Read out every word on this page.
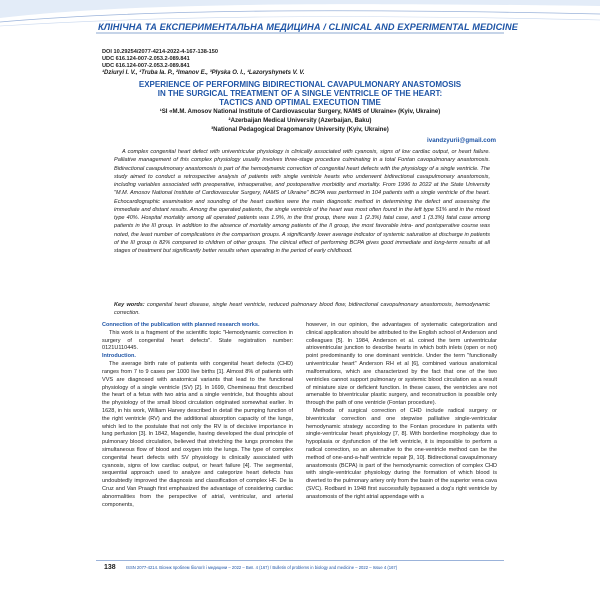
КЛІНІЧНА ТА ЕКСПЕРИМЕНТАЛЬНА МЕДИЦИНА / CLINICAL AND EXPERIMENTAL MEDICINE
DOI 10.29254/2077-4214-2022-4-167-138-150
UDC 616.124-007-2.053.2-089.841
UDC 616.124-007-2.053.2-089.841
¹Dziuryi I. V., ¹Truba Ia. P., ²Imanov E., ³Plyska O. I., ¹Lazoryshynets V. V.
EXPERIENCE OF PERFORMING BIDIRECTIONAL CAVAPULMONARY ANASTOMOSIS
IN THE SURGICAL TREATMENT OF A SINGLE VENTRICLE OF THE HEART:
TACTICS AND OPTIMAL EXECUTION TIME
¹SI «M.M. Amosov National Institute of Cardiovascular Surgery, NAMS of Ukraine» (Kyiv, Ukraine)
²Azerbaijan Medical University (Azerbaijan, Baku)
³National Pedagogical Dragomanov University (Kyiv, Ukraine)
ivandzyurii@gmail.com

A complex congenital heart defect with univentricular physiology is clinically associated with cyanosis, signs of low cardiac output, or heart failure. Palliative management of this complex physiology usually involves three-stage procedure culminating in a total Fontan cavopulmonary anastomosis. Bidirectional cavapulmonary anastomosis is part of the hemodynamic correction of congenital heart defects with the physiology of a single ventricle. The study aimed to conduct a retrospective analysis of patients with single ventricle hearts who underwent bidirectional cavapulmonary anastomosis, including variables associated with preoperative, intraoperative, and postoperative morbidity and mortality. From 1996 to 2022 at the State University "M.M. Amosov National Institute of Cardiovascular Surgery, NAMS of Ukraine" BCPA was performed in 104 patients with a single ventricle of the heart. Echocardiographic examination and sounding of the heart cavities were the main diagnostic method in determining the defect and assessing the immediate and distant results. Among the operated patients, the single ventricle of the heart was most often found in the left type 51% and in the mixed type 40%. Hospital mortality among all operated patients was 1.9%, in the first group, there was 1 (2.3%) fatal case, and 1 (3.3%) fatal case among patients in the III group. In addition to the absence of mortality among patients of the II group, the most favorable intra- and postoperative course was noted, the least number of complications in the comparison groups. A significantly lower average indicator of systemic saturation at discharge in patients of the III group is 82% compared to children of other groups. The clinical effect of performing BCPA gives good immediate and long-term results at all stages of treatment but significantly better results when operating in the period of early childhood.

Key words: congenital heart disease, single heart ventricle, reduced pulmonary blood flow, bidirectional cavopulmonary anastomosis, hemodynamic correction.

Connection of the publication with planned research works.

This work is a fragment of the scientific topic "Hemodynamic correction in surgery of congenital heart defects". State registration number: 0121U110445.

Introduction.

The average birth rate of patients with congenital heart defects (CHD) ranges from 7 to 9 cases per 1000 live births [1]. Almost 8% of patients with VVS are diagnosed with anatomical variants that lead to the functional physiology of a single ventricle (SV) [2]. In 1699, Chemineau first described the heart of a fetus with two atria and a single ventricle, but thoughts about the physiology of the small blood circulation originated somewhat earlier. In 1628, in his work, William Harvey described in detail the pumping function of the right ventricle (RV) and the additional absorption capacity of the lungs, which led to the postulate that not only the RV is of decisive importance in lung perfusion [3]. In 1842, Magendie, having developed the dual principle of pulmonary blood circulation, believed that stretching the lungs promotes the simultaneous flow of blood and oxygen into the lungs. The type of complex congenital heart defects with SV physiology is clinically associated with cyanosis, signs of low cardiac output, or heart failure [4]. The segmental, sequential approach used to analyze and categorize heart defects has undoubtedly improved the diagnosis and classification of complex HF. De la Cruz and Van Praagh first emphasized the advantage of considering cardiac abnormalities from the perspective of atrial, ventricular, and arterial components,

however, in our opinion, the advantages of systematic categorization and clinical application should be attributed to the English school of Anderson and colleagues [5]. In 1984, Anderson et al. coined the term univentricular atrioventricular junction to describe hearts in which both inlets (open or not) point predominantly to one dominant ventricle. Under the term "functionally univentricular heart" Anderson RH et al [6], combined various anatomical malformations, which are characterized by the fact that one of the two ventricles cannot support pulmonary or systemic blood circulation as a result of miniature size or deficient function. In these cases, the ventricles are not amenable to biventricular plastic surgery, and reconstruction is possible only through the path of one ventricle (Fontan procedure).

Methods of surgical correction of CHD include radical surgery or biventricular correction and one stepwise palliative single-ventricular hemodynamic strategy according to the Fontan procedure in patients with single-ventricular heart physiology [7, 8]. With borderline morphology due to hypoplasia or dysfunction of the left ventricle, it is impossible to perform a radical correction, so an alternative to the one-ventricle method can be the method of one-and-a-half ventricle repair [9, 10]. Bidirectional cavapulmonary anastomosis (BCPA) is part of the hemodynamic correction of complex CHD with single-ventricular physiology during the formation of which blood is diverted to the pulmonary artery only from the basin of the superior vena cava (SVC). Rodbard in 1948 first successfully bypassed a dog's right ventricle by anastomosis of the right atrial appendage with a

138 ISSN 2077-4214. Вісник проблем біології і медицини – 2022 – Вип. 4 (167) / Bulletin of problems in biology and medicine – 2022 – Issue 4 (167)
